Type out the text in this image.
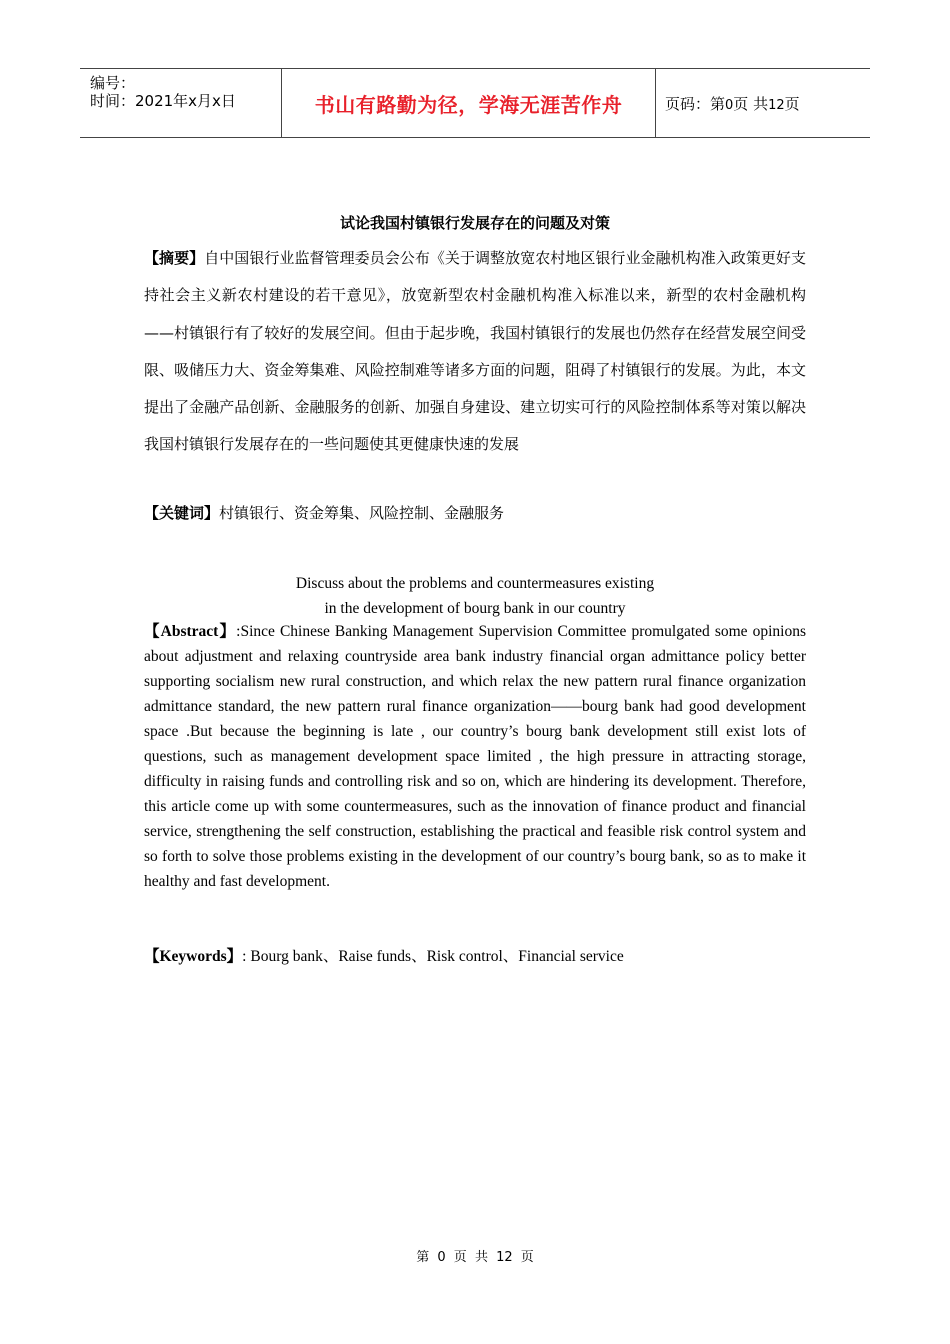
编号：
时间：2021年x月x日	书山有路勤为径，学海无涯苦作舟	页码：第0页 共12页
试论我国村镇银行发展存在的问题及对策
【摘要】自中国银行业监督管理委员会公布《关于调整放宽农村地区银行业金融机构准入政策更好支持社会主义新农村建设的若干意见》，放宽新型农村金融机构准入标准以来，新型的农村金融机构——村镇银行有了较好的发展空间。但由于起步晚，我国村镇银行的发展也仍然存在经营发展空间受限、吸储压力大、资金筹集难、风险控制难等诸多方面的问题，阻碍了村镇银行的发展。为此，本文提出了金融产品创新、金融服务的创新、加强自身建设、建立切实可行的风险控制体系等对策以解决我国村镇银行发展存在的一些问题使其更健康快速的发展
【关键词】村镇银行、资金筹集、风险控制、金融服务
Discuss about the problems and countermeasures existing
in the development of bourg bank in our country
【Abstract】:Since Chinese Banking Management Supervision Committee promulgated some opinions about adjustment and relaxing countryside area bank industry financial organ admittance policy better supporting socialism new rural construction, and which relax the new pattern rural finance organization admittance standard, the new pattern rural finance organization——bourg bank had good development space .But because the beginning is late , our country’s bourg bank development still exist lots of questions, such as management development space limited , the high pressure in attracting storage, difficulty in raising funds and controlling risk and so on, which are hindering its development. Therefore, this article come up with some countermeasures, such as the innovation of finance product and financial service, strengthening the self construction, establishing the practical and feasible risk control system and so forth to solve those problems existing in the development of our country’s bourg bank, so as to make it healthy and fast development.
【Keywords】: Bourg bank、Raise funds、Risk control、Financial service
第 0 页 共 12 页
